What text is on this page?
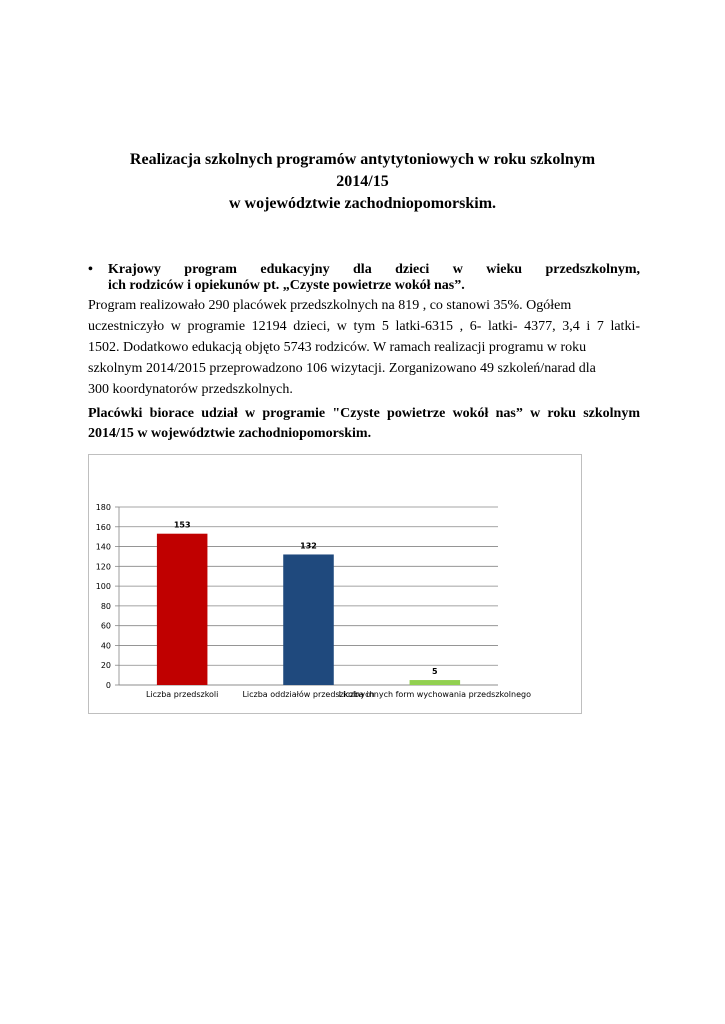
Realizacja szkolnych programów antytytoniowych w roku szkolnym
2014/15
w województwie zachodniopomorskim.
•	Krajowy program edukacyjny dla dzieci w wieku przedszkolnym,
ich rodziców i opiekunów pt. „Czyste powietrze wokół nas”.
Program realizowało 290 placówek przedszkolnych na 819 , co stanowi 35%. Ogółem
uczestniczyło w programie 12194 dzieci, w tym 5 latki-6315 , 6- latki- 4377, 3,4 i 7 latki-
1502. Dodatkowo edukacją objęto 5743 rodziców. W ramach realizacji programu w roku
szkolnym 2014/2015 przeprowadzono 106 wizytacji. Zorganizowano 49 szkoleń/narad dla
300 koordynatorów przedszkolnych.
Placówki biorace udział w programie "Czyste powietrze wokół nas” w roku szkolnym
2014/15 w województwie zachodniopomorskim.
0
20
40
60
80
100
120
140
160
180
153
Liczba przedszkoli
132
Liczba oddziałów przedszkolnych
5
Liczba innych form wychowania przedszkolnego
